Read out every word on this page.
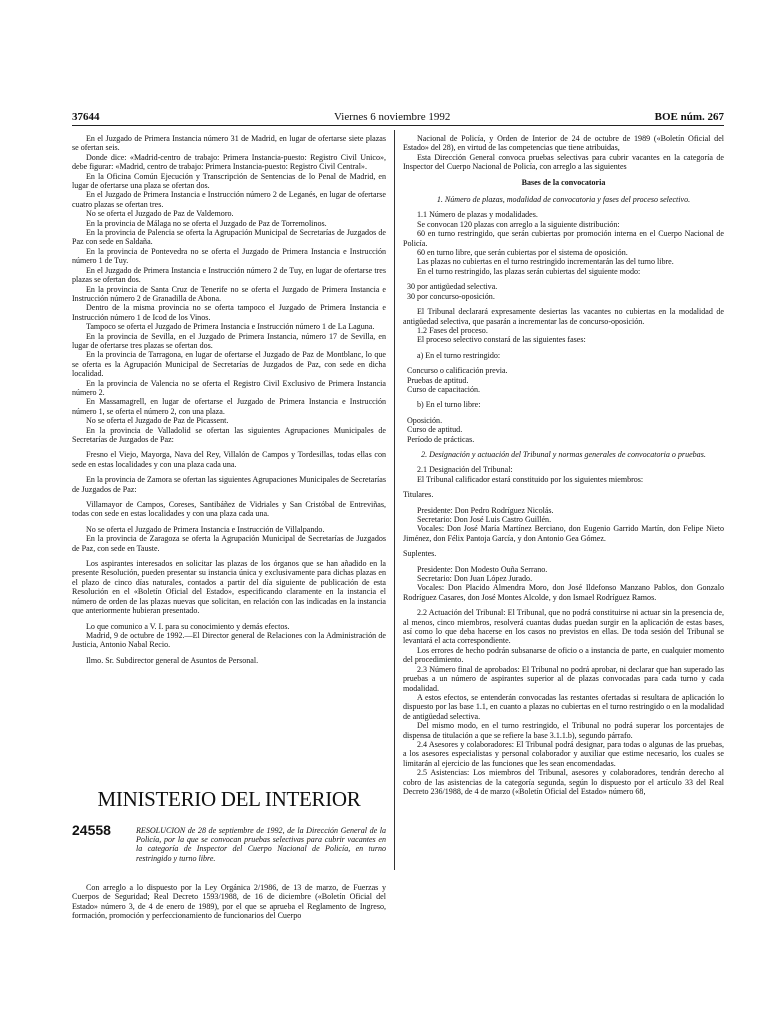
37644	Viernes 6 noviembre 1992	BOE núm. 267

En el Juzgado de Primera Instancia número 31 de Madrid, en lugar de ofertarse siete plazas se ofertan seis.

Donde dice: «Madrid-centro de trabajo: Primera Instancia-puesto: Registro Civil Unico», debe figurar: «Madrid, centro de trabajo: Primera Instancia-puesto: Registro Civil Central».

En la Oficina Común Ejecución y Transcripción de Sentencias de lo Penal de Madrid, en lugar de ofertarse una plaza se ofertan dos.

En el Juzgado de Primera Instancia e Instrucción número 2 de Leganés, en lugar de ofertarse cuatro plazas se ofertan tres.

No se oferta el Juzgado de Paz de Valdemoro.

En la provincia de Málaga no se oferta el Juzgado de Paz de Torremolinos.

En la provincia de Palencia se oferta la Agrupación Municipal de Secretarías de Juzgados de Paz con sede en Saldaña.

En la provincia de Pontevedra no se oferta el Juzgado de Primera Instancia e Instrucción número 1 de Tuy.

En el Juzgado de Primera Instancia e Instrucción número 2 de Tuy, en lugar de ofertarse tres plazas se ofertan dos.

En la provincia de Santa Cruz de Tenerife no se oferta el Juzgado de Primera Instancia e Instrucción número 2 de Granadilla de Abona.

Dentro de la misma provincia no se oferta tampoco el Juzgado de Primera Instancia e Instrucción número 1 de Icod de los Vinos.

Tampoco se oferta el Juzgado de Primera Instancia e Instrucción número 1 de La Laguna.

En la provincia de Sevilla, en el Juzgado de Primera Instancia, número 17 de Sevilla, en lugar de ofertarse tres plazas se ofertan dos.

En la provincia de Tarragona, en lugar de ofertarse el Juzgado de Paz de Montblanc, lo que se oferta es la Agrupación Municipal de Secretarías de Juzgados de Paz, con sede en dicha localidad.

En la provincia de Valencia no se oferta el Registro Civil Exclusivo de Primera Instancia número 2.

En Massamagrell, en lugar de ofertarse el Juzgado de Primera Instancia e Instrucción número 1, se oferta el número 2, con una plaza.

No se oferta el Juzgado de Paz de Picassent.

En la provincia de Valladolid se ofertan las siguientes Agrupaciones Municipales de Secretarías de Juzgados de Paz:

Fresno el Viejo, Mayorga, Nava del Rey, Villalón de Campos y Tordesillas, todas ellas con sede en estas localidades y con una plaza cada una.

En la provincia de Zamora se ofertan las siguientes Agrupaciones Municipales de Secretarías de Juzgados de Paz:

Villamayor de Campos, Coreses, Santibáñez de Vidriales y San Cristóbal de Entreviñas, todas con sede en estas localidades y con una plaza cada una.

No se oferta el Juzgado de Primera Instancia e Instrucción de Villalpando.

En la provincia de Zaragoza se oferta la Agrupación Municipal de Secretarías de Juzgados de Paz, con sede en Tauste.

Los aspirantes interesados en solicitar las plazas de los órganos que se han añadido en la presente Resolución, pueden presentar su instancia única y exclusivamente para dichas plazas en el plazo de cinco días naturales, contados a partir del día siguiente de publicación de esta Resolución en el «Boletín Oficial del Estado», especificando claramente en la instancia el número de orden de las plazas nuevas que solicitan, en relación con las indicadas en la instancia que anteriormente hubieran presentado.

Lo que comunico a V. I. para su conocimiento y demás efectos.

Madrid, 9 de octubre de 1992.—El Director general de Relaciones con la Administración de Justicia, Antonio Nabal Recio.

Ilmo. Sr. Subdirector general de Asuntos de Personal.

MINISTERIO DEL INTERIOR
24558	RESOLUCION de 28 de septiembre de 1992, de la Dirección General de la Policía, por la que se convocan pruebas selectivas para cubrir vacantes en la categoría de Inspector del Cuerpo Nacional de Policía, en turno restringido y turno libre.

Con arreglo a lo dispuesto por la Ley Orgánica 2/1986, de 13 de marzo, de Fuerzas y Cuerpos de Seguridad; Real Decreto 1593/1988, de 16 de diciembre («Boletín Oficial del Estado» número 3, de 4 de enero de 1989), por el que se aprueba el Reglamento de Ingreso, formación, promoción y perfeccionamiento de funcionarios del Cuerpo

Nacional de Policía, y Orden de Interior de 24 de octubre de 1989 («Boletín Oficial del Estado» del 28), en virtud de las competencias que tiene atribuidas,

Esta Dirección General convoca pruebas selectivas para cubrir vacantes en la categoría de Inspector del Cuerpo Nacional de Policía, con arreglo a las siguientes

Bases de la convocatoria

1. Número de plazas, modalidad de convocatoria y fases del proceso selectivo.

1.1 Número de plazas y modalidades.

Se convocan 120 plazas con arreglo a la siguiente distribución:

60 en turno restringido, que serán cubiertas por promoción interna en el Cuerpo Nacional de Policía.

60 en turno libre, que serán cubiertas por el sistema de oposición.

Las plazas no cubiertas en el turno restringido incrementarán las del turno libre.

En el turno restringido, las plazas serán cubiertas del siguiente modo:

30 por antigüedad selectiva.

30 por concurso-oposición.

El Tribunal declarará expresamente desiertas las vacantes no cubiertas en la modalidad de antigüedad selectiva, que pasarán a incrementar las de concurso-oposición.

1.2 Fases del proceso.

El proceso selectivo constará de las siguientes fases:

a) En el turno restringido:

Concurso o calificación previa.

Pruebas de aptitud.

Curso de capacitación.

b) En el turno libre:

Oposición.

Curso de aptitud.

Período de prácticas.

2. Designación y actuación del Tribunal y normas generales de convocatoria o pruebas.

2.1 Designación del Tribunal:

El Tribunal calificador estará constituido por los siguientes miembros:

Titulares.

Presidente: Don Pedro Rodríguez Nicolás.

Secretario: Don José Luis Castro Guillén.

Vocales: Don José María Martínez Berciano, don Eugenio Garrido Martín, don Felipe Nieto Jiménez, don Félix Pantoja García, y don Antonio Gea Gómez.

Suplentes.

Presidente: Don Modesto Ouña Serrano.

Secretario: Don Juan López Jurado.

Vocales: Don Placido Almendra Moro, don José Ildefonso Manzano Pablos, don Gonzalo Rodríguez Casares, don José Montes Alcolde, y don Ismael Rodríguez Ramos.

2.2 Actuación del Tribunal: El Tribunal, que no podrá constituirse ni actuar sin la presencia de, al menos, cinco miembros, resolverá cuantas dudas puedan surgir en la aplicación de estas bases, así como lo que deba hacerse en los casos no previstos en ellas. De toda sesión del Tribunal se levantará el acta correspondiente.

Los errores de hecho podrán subsanarse de oficio o a instancia de parte, en cualquier momento del procedimiento.

2.3 Número final de aprobados: El Tribunal no podrá aprobar, ni declarar que han superado las pruebas a un número de aspirantes superior al de plazas convocadas para cada turno y cada modalidad.

A estos efectos, se entenderán convocadas las restantes ofertadas si resultara de aplicación lo dispuesto por las base 1.1, en cuanto a plazas no cubiertas en el turno restringido o en la modalidad de antigüedad selectiva.

Del mismo modo, en el turno restringido, el Tribunal no podrá superar los porcentajes de dispensa de titulación a que se refiere la base 3.1.1.b), segundo párrafo.

2.4 Asesores y colaboradores: El Tribunal podrá designar, para todas o algunas de las pruebas, a los asesores especialistas y personal colaborador y auxiliar que estime necesario, los cuales se limitarán al ejercicio de las funciones que les sean encomendadas.

2.5 Asistencias: Los miembros del Tribunal, asesores y colaboradores, tendrán derecho al cobro de las asistencias de la categoría segunda, según lo dispuesto por el artículo 33 del Real Decreto 236/1988, de 4 de marzo («Boletín Oficial del Estado» número 68,
